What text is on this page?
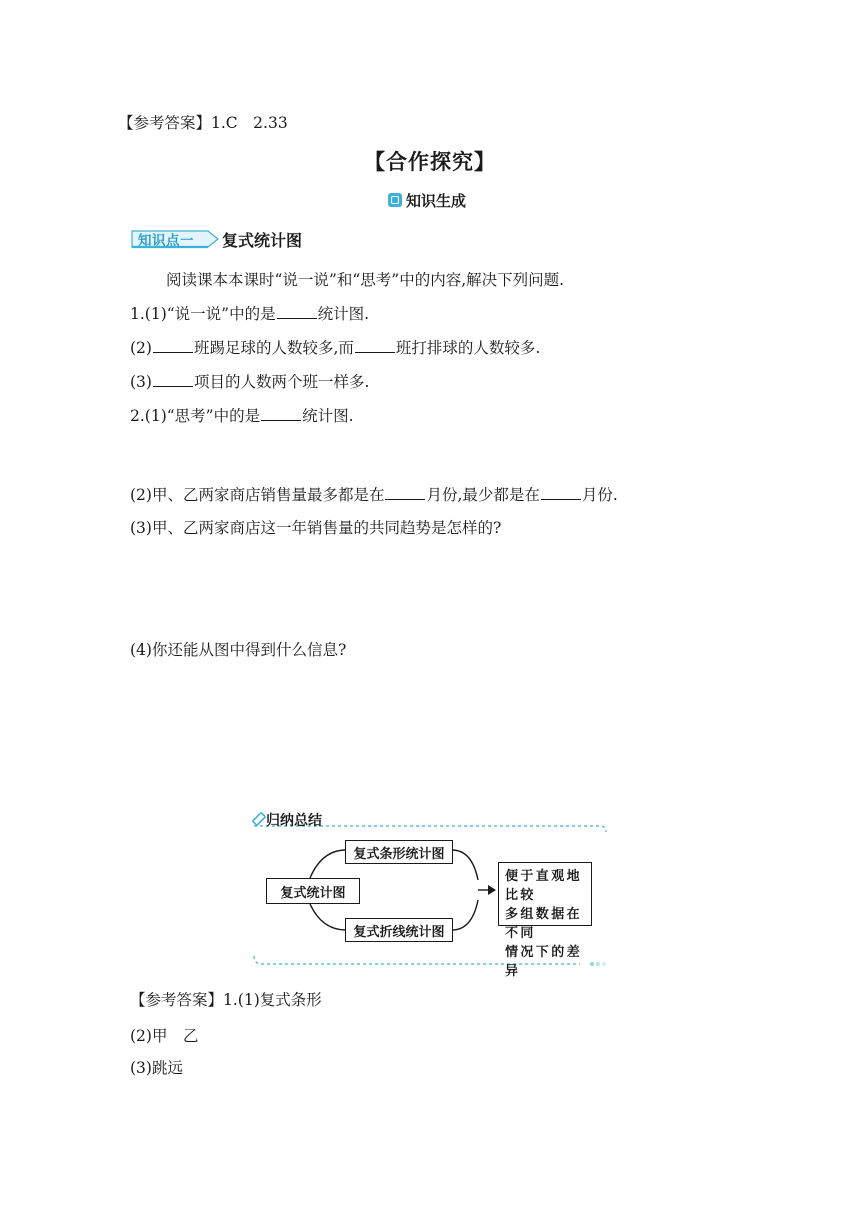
【参考答案】1.C　2.33
【合作探究】
知识生成
知识点一 复式统计图
阅读课本本课时“说一说”和“思考”中的内容,解决下列问题.
1.(1)“说一说”中的是	统计图.
(2)	班踢足球的人数较多,而	班打排球的人数较多.
(3)	项目的人数两个班一样多.
2.(1)“思考”中的是	统计图.
(2)甲、乙两家商店销售量最多都是在	月份,最少都是在	月份.
(3)甲、乙两家商店这一年销售量的共同趋势是怎样的?
(4)你还能从图中得到什么信息?
归纳总结
复式统计图
复式条形统计图
复式折线统计图
便于直观地比较
多组数据在不同
情况下的差异
【参考答案】1.(1)复式条形
(2)甲　乙
(3)跳远
